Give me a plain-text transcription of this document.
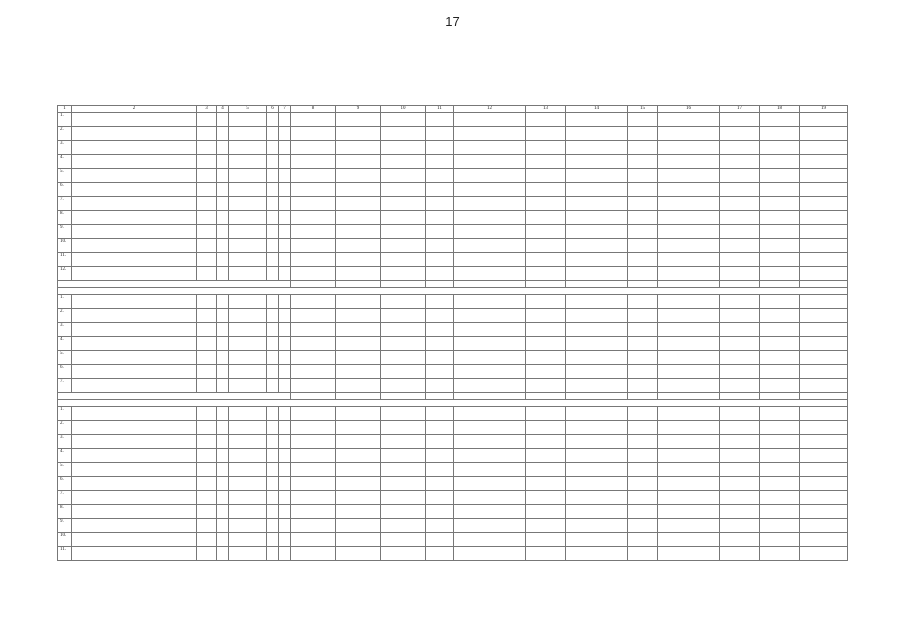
17
1	2	3	4	5	6	7	8	9	10	11	12	13	14	15	16	17	18	19
1.																		
2.																		
3.																		
4.																		
5.																		
6.																		
7.																		
8.																		
9.																		
10.																		
11.																		
12.																		

1.																		
2.																		
3.																		
4.																		
5.																		
6.																		
7.																		

1.																		
2.																		
3.																		
4.																		
5.																		
6.																		
7.																		
8.																		
9.																		
10.																		
11.																		
